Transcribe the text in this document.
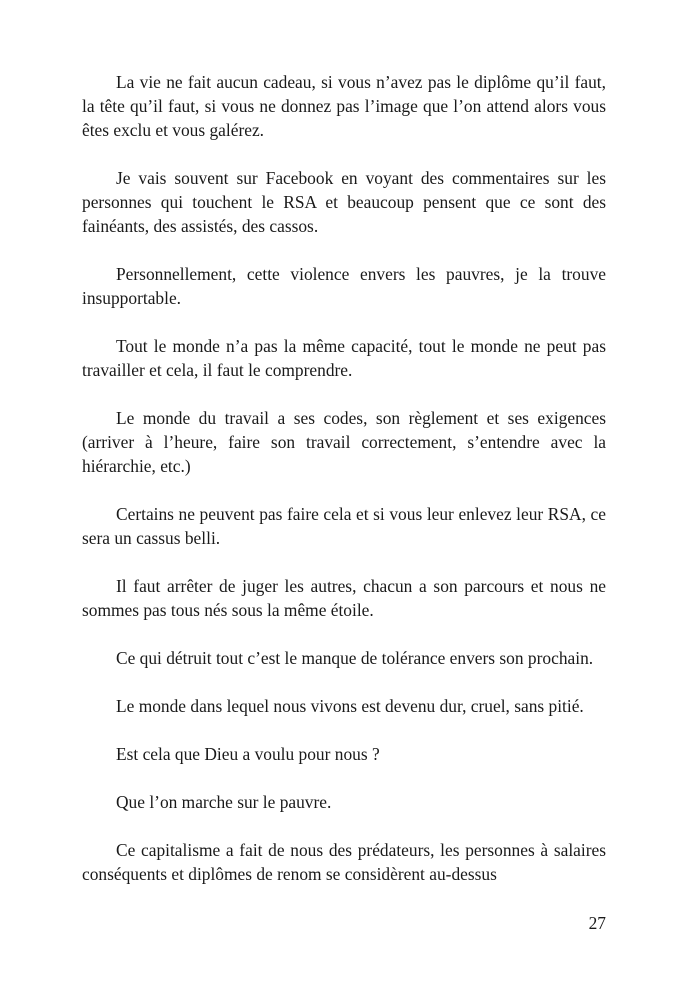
La vie ne fait aucun cadeau, si vous n’avez pas le diplôme qu’il faut, la tête qu’il faut, si vous ne donnez pas l’image que l’on attend alors vous êtes exclu et vous galérez.

Je vais souvent sur Facebook en voyant des commentaires sur les personnes qui touchent le RSA et beaucoup pensent que ce sont des fainéants, des assistés, des cassos.

Personnellement, cette violence envers les pauvres, je la trouve insupportable.

Tout le monde n’a pas la même capacité, tout le monde ne peut pas travailler et cela, il faut le comprendre.

Le monde du travail a ses codes, son règlement et ses exigences (arriver à l’heure, faire son travail correctement, s’entendre avec la hiérarchie, etc.)

Certains ne peuvent pas faire cela et si vous leur enlevez leur RSA, ce sera un cassus belli.

Il faut arrêter de juger les autres, chacun a son parcours et nous ne sommes pas tous nés sous la même étoile.

Ce qui détruit tout c’est le manque de tolérance envers son prochain.

Le monde dans lequel nous vivons est devenu dur, cruel, sans pitié.

Est cela que Dieu a voulu pour nous ?

Que l’on marche sur le pauvre.

Ce capitalisme a fait de nous des prédateurs, les personnes à salaires conséquents et diplômes de renom se considèrent au-dessus

27
